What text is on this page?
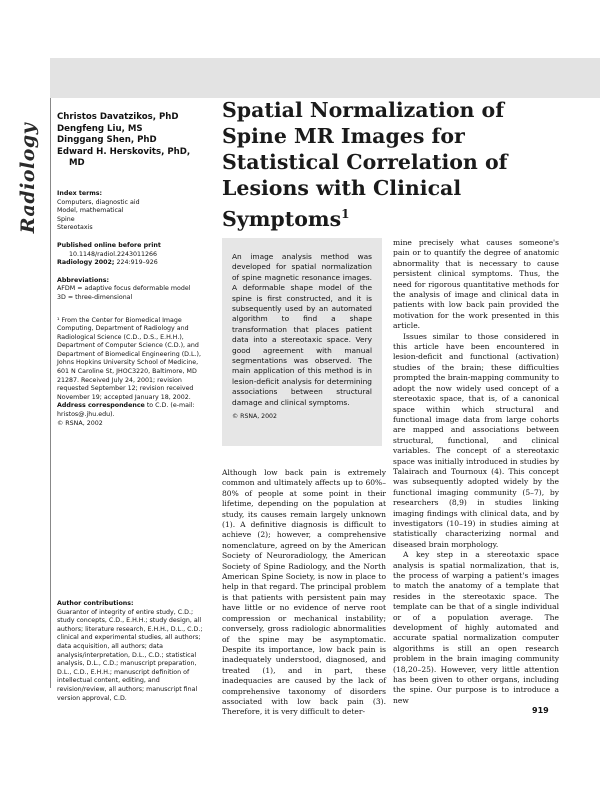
Radiology
Christos Davatzikos, PhD
Dengfeng Liu, MS
Dinggang Shen, PhD
Edward H. Herskovits, PhD,
MD
Index terms:
Computers, diagnostic aid
Model, mathematical
Spine
Stereotaxis
Published online before print
10.1148/radiol.2243011266
Radiology 2002; 224:919–926
Abbreviations:
AFDM = adaptive focus deformable model
3D = three-dimensional
¹ From the Center for Biomedical Image Computing, Department of Radiology and Radiological Science (C.D., D.S., E.H.H.), Department of Computer Science (C.D.), and Department of Biomedical Engineering (D.L.), Johns Hopkins University School of Medicine, 601 N Caroline St, JHOC3220, Baltimore, MD 21287. Received July 24, 2001; revision requested September 12; revision received November 19; accepted January 18, 2002. Address correspondence to C.D. (e-mail: hristos@.jhu.edu).
© RSNA, 2002
Author contributions:
Guarantor of integrity of entire study, C.D.; study concepts, C.D., E.H.H.; study design, all authors; literature research, E.H.H., D.L., C.D.; clinical and experimental studies, all authors; data acquisition, all authors; data analysis/interpretation, D.L., C.D.; statistical analysis, D.L., C.D.; manuscript preparation, D.L., C.D., E.H.H.; manuscript definition of intellectual content, editing, and revision/review, all authors; manuscript final version approval, C.D.
Spatial Normalization of
Spine MR Images for
Statistical Correlation of
Lesions with Clinical
Symptoms$^1$
An image analysis method was developed for spatial normalization of spine magnetic resonance images. A deformable shape model of the spine is first constructed, and it is subsequently used by an automated algorithm to find a shape transformation that places patient data into a stereotaxic space. Very good agreement with manual segmentations was observed. The main application of this method is in lesion-deficit analysis for determining associations between structural damage and clinical symptoms.
© RSNA, 2002

Although low back pain is extremely common and ultimately affects up to 60%–80% of people at some point in their lifetime, depending on the population at study, its causes remain largely unknown (1). A definitive diagnosis is difficult to achieve (2); however, a comprehensive nomenclature, agreed on by the American Society of Neuroradiology, the American Society of Spine Radiology, and the North American Spine Society, is now in place to help in that regard. The principal problem is that patients with persistent pain may have little or no evidence of nerve root compression or mechanical instability; conversely, gross radiologic abnormalities of the spine may be asymptomatic. Despite its importance, low back pain is inadequately understood, diagnosed, and treated (1), and in part, these inadequacies are caused by the lack of comprehensive taxonomy of disorders associated with low back pain (3). Therefore, it is very difficult to deter-

mine precisely what causes someone's pain or to quantify the degree of anatomic abnormality that is necessary to cause persistent clinical symptoms. Thus, the need for rigorous quantitative methods for the analysis of image and clinical data in patients with low back pain provided the motivation for the work presented in this article.

Issues similar to those considered in this article have been encountered in lesion-deficit and functional (activation) studies of the brain; these difficulties prompted the brain-mapping community to adopt the now widely used concept of a stereotaxic space, that is, of a canonical space within which structural and functional image data from large cohorts are mapped and associations between structural, functional, and clinical variables. The concept of a stereotaxic space was initially introduced in studies by Talairach and Tournoux (4). This concept was subsequently adopted widely by the functional imaging community (5–7), by researchers (8,9) in studies linking imaging findings with clinical data, and by investigators (10–19) in studies aiming at statistically characterizing normal and diseased brain morphology.

A key step in a stereotaxic space analysis is spatial normalization, that is, the process of warping a patient's images to match the anatomy of a template that resides in the stereotaxic space. The template can be that of a single individual or of a population average. The development of highly automated and accurate spatial normalization computer algorithms is still an open research problem in the brain imaging community (18,20–25). However, very little attention has been given to other organs, including the spine. Our purpose is to introduce a new

919
